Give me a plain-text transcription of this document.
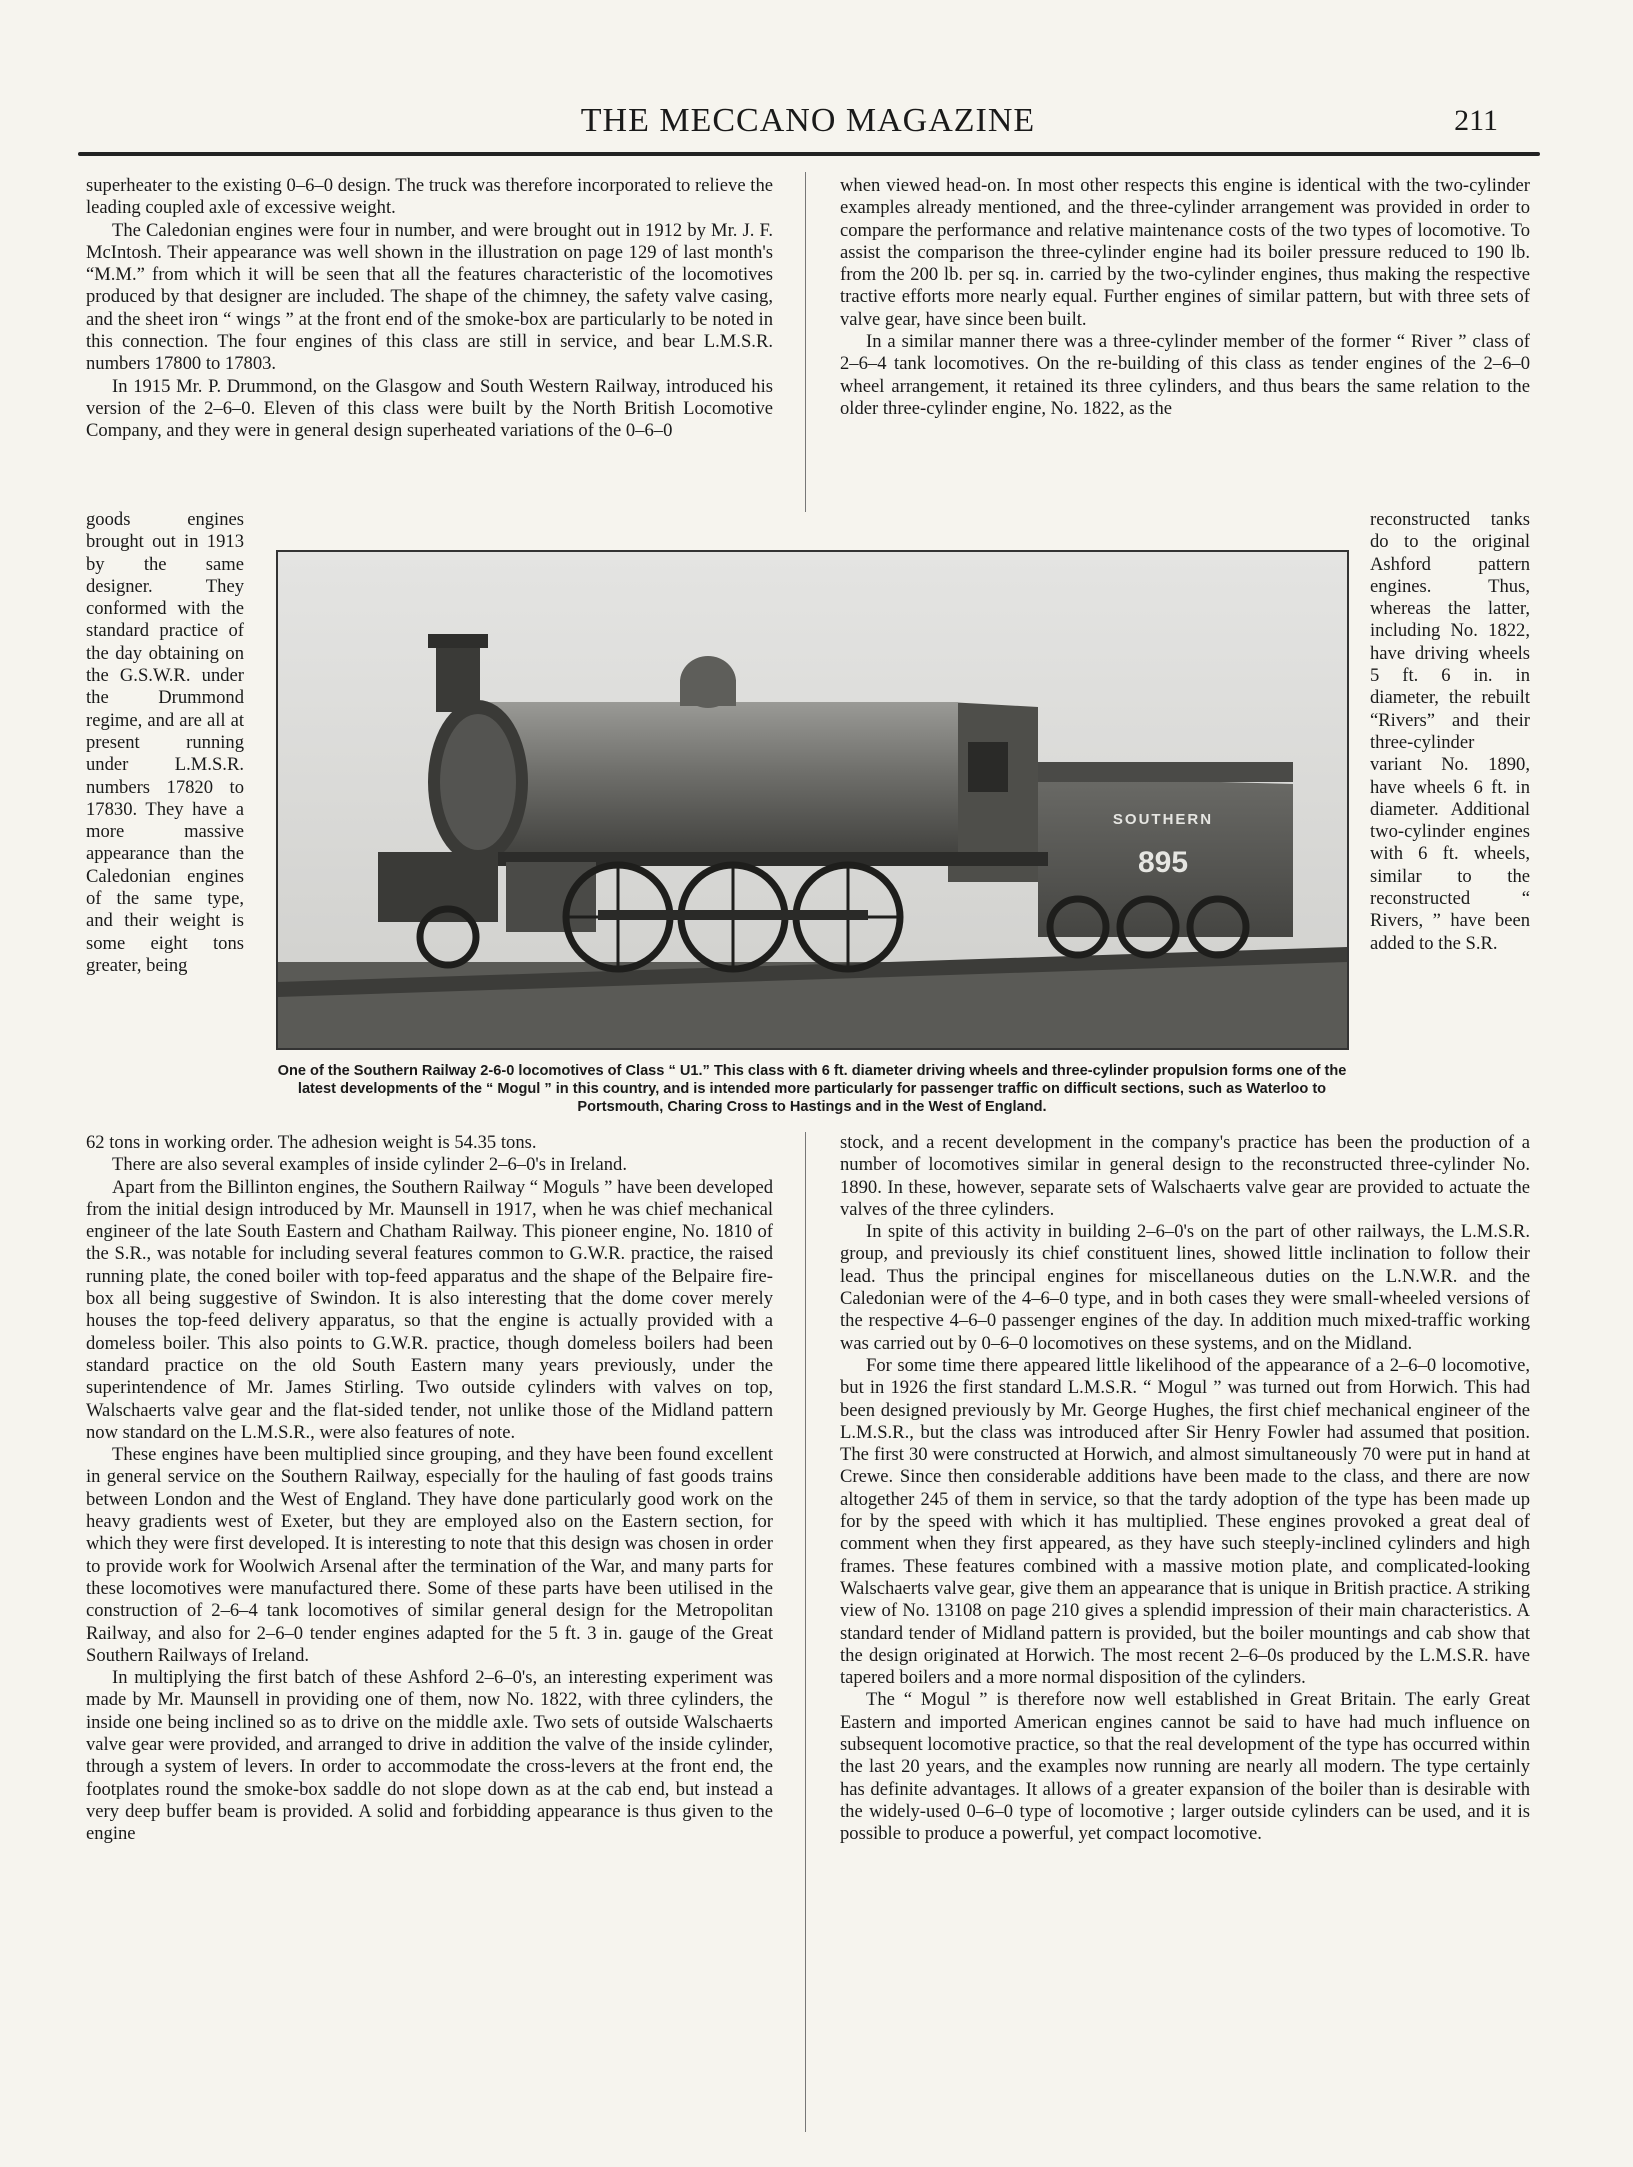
THE MECCANO MAGAZINE	211

superheater to the existing 0–6–0 design. The truck was therefore incorporated to relieve the leading coupled axle of excessive weight.

The Caledonian engines were four in number, and were brought out in 1912 by Mr. J. F. McIntosh. Their appearance was well shown in the illustration on page 129 of last month's “M.M.” from which it will be seen that all the features characteristic of the locomotives produced by that designer are included. The shape of the chimney, the safety valve casing, and the sheet iron “ wings ” at the front end of the smoke-box are particularly to be noted in this connection. The four engines of this class are still in service, and bear L.M.S.R. numbers 17800 to 17803.

In 1915 Mr. P. Drummond, on the Glasgow and South Western Railway, introduced his version of the 2–6–0. Eleven of this class were built by the North British Locomotive Company, and they were in general design superheated variations of the 0–6–0

when viewed head-on. In most other respects this engine is identical with the two-cylinder examples already mentioned, and the three-cylinder arrangement was provided in order to compare the performance and relative maintenance costs of the two types of locomotive. To assist the comparison the three-cylinder engine had its boiler pressure reduced to 190 lb. from the 200 lb. per sq. in. carried by the two-cylinder engines, thus making the respective tractive efforts more nearly equal. Further engines of similar pattern, but with three sets of valve gear, have since been built.

In a similar manner there was a three-cylinder member of the former “ River ” class of 2–6–4 tank locomotives. On the re-building of this class as tender engines of the 2–6–0 wheel arrangement, it retained its three cylinders, and thus bears the same relation to the older three-cylinder engine, No. 1822, as the

goods engines brought out in 1913 by the same designer. They conformed with the standard practice of the day obtaining on the G.S.W.R. under the Drummond regime, and are all at present running under L.M.S.R. numbers 17820 to 17830. They have a more massive appearance than the Caledonian engines of the same type, and their weight is some eight tons greater, being

reconstructed tanks do to the original Ashford pattern engines. Thus, whereas the latter, including No. 1822, have driving wheels 5 ft. 6 in. in diameter, the rebuilt “Rivers” and their three-cylinder variant No. 1890, have wheels 6 ft. in diameter. Additional two-cylinder engines with 6 ft. wheels, similar to the reconstructed “ Rivers, ” have been added to the S.R.

SOUTHERN
895
One of the Southern Railway 2-6-0 locomotives of Class “ U1.” This class with 6 ft. diameter driving wheels and three-cylinder propulsion forms one of the latest developments of the “ Mogul ” in this country, and is intended more particularly for passenger traffic on difficult sections, such as Waterloo to Portsmouth, Charing Cross to Hastings and in the West of England.

62 tons in working order. The adhesion weight is 54.35 tons.

There are also several examples of inside cylinder 2–6–0's in Ireland.

Apart from the Billinton engines, the Southern Railway “ Moguls ” have been developed from the initial design introduced by Mr. Maunsell in 1917, when he was chief mechanical engineer of the late South Eastern and Chatham Railway. This pioneer engine, No. 1810 of the S.R., was notable for including several features common to G.W.R. practice, the raised running plate, the coned boiler with top-feed apparatus and the shape of the Belpaire fire-box all being suggestive of Swindon. It is also interesting that the dome cover merely houses the top-feed delivery apparatus, so that the engine is actually provided with a domeless boiler. This also points to G.W.R. practice, though domeless boilers had been standard practice on the old South Eastern many years previously, under the superintendence of Mr. James Stirling. Two outside cylinders with valves on top, Walschaerts valve gear and the flat-sided tender, not unlike those of the Midland pattern now standard on the L.M.S.R., were also features of note.

These engines have been multiplied since grouping, and they have been found excellent in general service on the Southern Railway, especially for the hauling of fast goods trains between London and the West of England. They have done particularly good work on the heavy gradients west of Exeter, but they are employed also on the Eastern section, for which they were first developed. It is interesting to note that this design was chosen in order to provide work for Woolwich Arsenal after the termination of the War, and many parts for these locomotives were manufactured there. Some of these parts have been utilised in the construction of 2–6–4 tank locomotives of similar general design for the Metropolitan Railway, and also for 2–6–0 tender engines adapted for the 5 ft. 3 in. gauge of the Great Southern Railways of Ireland.

In multiplying the first batch of these Ashford 2–6–0's, an interesting experiment was made by Mr. Maunsell in providing one of them, now No. 1822, with three cylinders, the inside one being inclined so as to drive on the middle axle. Two sets of outside Walschaerts valve gear were provided, and arranged to drive in addition the valve of the inside cylinder, through a system of levers. In order to accommodate the cross-levers at the front end, the footplates round the smoke-box saddle do not slope down as at the cab end, but instead a very deep buffer beam is provided. A solid and forbidding appearance is thus given to the engine

stock, and a recent development in the company's practice has been the production of a number of locomotives similar in general design to the reconstructed three-cylinder No. 1890. In these, however, separate sets of Walschaerts valve gear are provided to actuate the valves of the three cylinders.

In spite of this activity in building 2–6–0's on the part of other railways, the L.M.S.R. group, and previously its chief constituent lines, showed little inclination to follow their lead. Thus the principal engines for miscellaneous duties on the L.N.W.R. and the Caledonian were of the 4–6–0 type, and in both cases they were small-wheeled versions of the respective 4–6–0 passenger engines of the day. In addition much mixed-traffic working was carried out by 0–6–0 locomotives on these systems, and on the Midland.

For some time there appeared little likelihood of the appearance of a 2–6–0 locomotive, but in 1926 the first standard L.M.S.R. “ Mogul ” was turned out from Horwich. This had been designed previously by Mr. George Hughes, the first chief mechanical engineer of the L.M.S.R., but the class was introduced after Sir Henry Fowler had assumed that position. The first 30 were constructed at Horwich, and almost simultaneously 70 were put in hand at Crewe. Since then considerable additions have been made to the class, and there are now altogether 245 of them in service, so that the tardy adoption of the type has been made up for by the speed with which it has multiplied. These engines provoked a great deal of comment when they first appeared, as they have such steeply-inclined cylinders and high frames. These features combined with a massive motion plate, and complicated-looking Walschaerts valve gear, give them an appearance that is unique in British practice. A striking view of No. 13108 on page 210 gives a splendid impression of their main characteristics. A standard tender of Midland pattern is provided, but the boiler mountings and cab show that the design originated at Horwich. The most recent 2–6–0s produced by the L.M.S.R. have tapered boilers and a more normal disposition of the cylinders.

The “ Mogul ” is therefore now well established in Great Britain. The early Great Eastern and imported American engines cannot be said to have had much influence on subsequent locomotive practice, so that the real development of the type has occurred within the last 20 years, and the examples now running are nearly all modern. The type certainly has definite advantages. It allows of a greater expansion of the boiler than is desirable with the widely-used 0–6–0 type of locomotive ; larger outside cylinders can be used, and it is possible to produce a powerful, yet compact locomotive.
